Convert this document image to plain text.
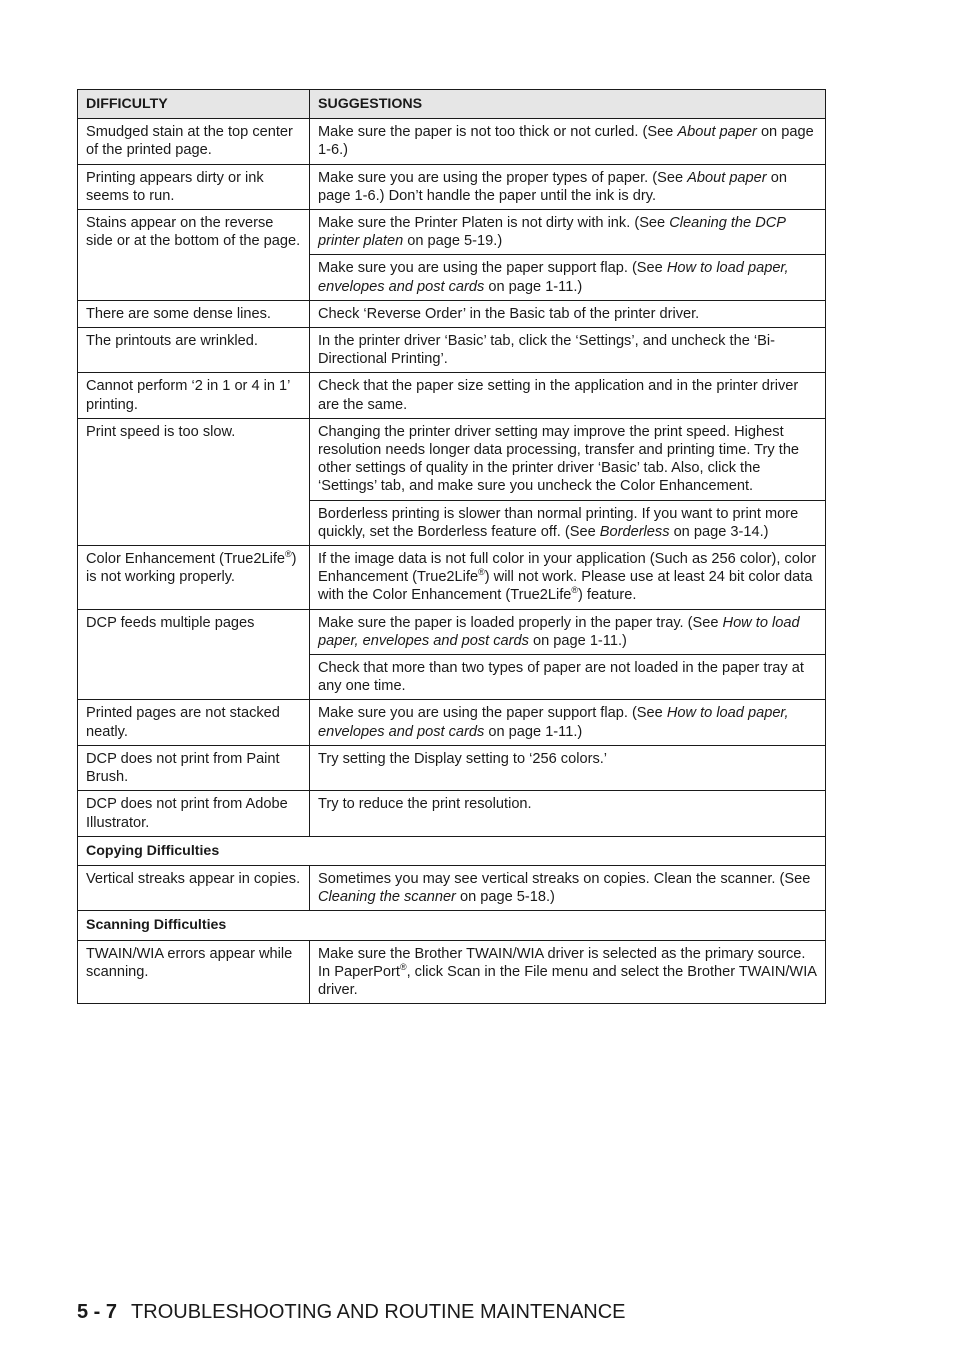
DIFFICULTY	SUGGESTIONS
Smudged stain at the top center of the printed page.	Make sure the paper is not too thick or not curled. (See About paper on page 1-6.)
Printing appears dirty or ink seems to run.	Make sure you are using the proper types of paper. (See About paper on page 1-6.) Don’t handle the paper until the ink is dry.
Stains appear on the reverse side or at the bottom of the page.	Make sure the Printer Platen is not dirty with ink. (See Cleaning the DCP printer platen on page 5-19.)
	Make sure you are using the paper support flap. (See How to load paper, envelopes and post cards on page 1-11.)
There are some dense lines.	Check ‘Reverse Order’ in the Basic tab of the printer driver.
The printouts are wrinkled.	In the printer driver ‘Basic’ tab, click the ‘Settings’, and uncheck the ‘Bi-Directional Printing’.
Cannot perform ‘2 in 1 or 4 in 1’ printing.	Check that the paper size setting in the application and in the printer driver are the same.
Print speed is too slow.	Changing the printer driver setting may improve the print speed. Highest resolution needs longer data processing, transfer and printing time. Try the other settings of quality in the printer driver ‘Basic’ tab. Also, click the ‘Settings’ tab, and make sure you uncheck the Color Enhancement.
	Borderless printing is slower than normal printing. If you want to print more quickly, set the Borderless feature off. (See Borderless on page 3-14.)
Color Enhancement (True2Life®) is not working properly.	If the image data is not full color in your application (Such as 256 color), color Enhancement (True2Life®) will not work. Please use at least 24 bit color data with the Color Enhancement (True2Life®) feature.
DCP feeds multiple pages	Make sure the paper is loaded properly in the paper tray. (See How to load paper, envelopes and post cards on page 1-11.)
	Check that more than two types of paper are not loaded in the paper tray at any one time.
Printed pages are not stacked neatly.	Make sure you are using the paper support flap. (See How to load paper, envelopes and post cards on page 1-11.)
DCP does not print from Paint Brush.	Try setting the Display setting to ‘256 colors.’
DCP does not print from Adobe Illustrator.	Try to reduce the print resolution.
Copying Difficulties	
Vertical streaks appear in copies.	Sometimes you may see vertical streaks on copies. Clean the scanner. (See Cleaning the scanner on page 5-18.)
Scanning Difficulties	
TWAIN/WIA errors appear while scanning.	Make sure the Brother TWAIN/WIA driver is selected as the primary source. In PaperPort®, click Scan in the File menu and select the Brother TWAIN/WIA driver.
5 - 7 TROUBLESHOOTING AND ROUTINE MAINTENANCE
